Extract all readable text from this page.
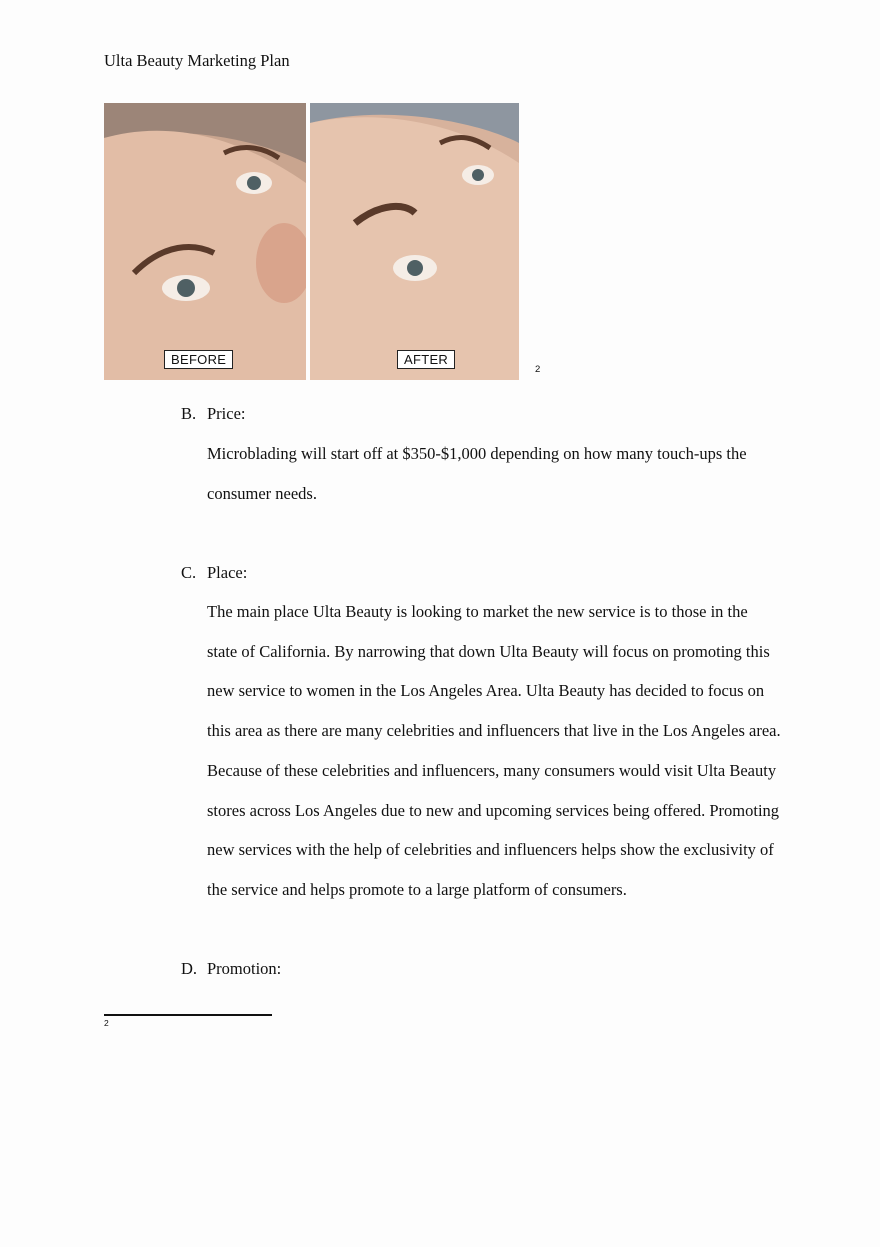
Ulta Beauty Marketing Plan
BEFORE	AFTER
2
B. Price:

Microblading will start off at $350-$1,000 depending on how many touch-ups the consumer needs.

C. Place:

The main place Ulta Beauty is looking to market the new service is to those in the state of California. By narrowing that down Ulta Beauty will focus on promoting this new service to women in the Los Angeles Area. Ulta Beauty has decided to focus on this area as there are many celebrities and influencers that live in the Los Angeles area. Because of these celebrities and influencers, many consumers would visit Ulta Beauty stores across Los Angeles due to new and upcoming services being offered. Promoting new services with the help of celebrities and influencers helps show the exclusivity of the service and helps promote to a large platform of consumers.

D. Promotion:
2
